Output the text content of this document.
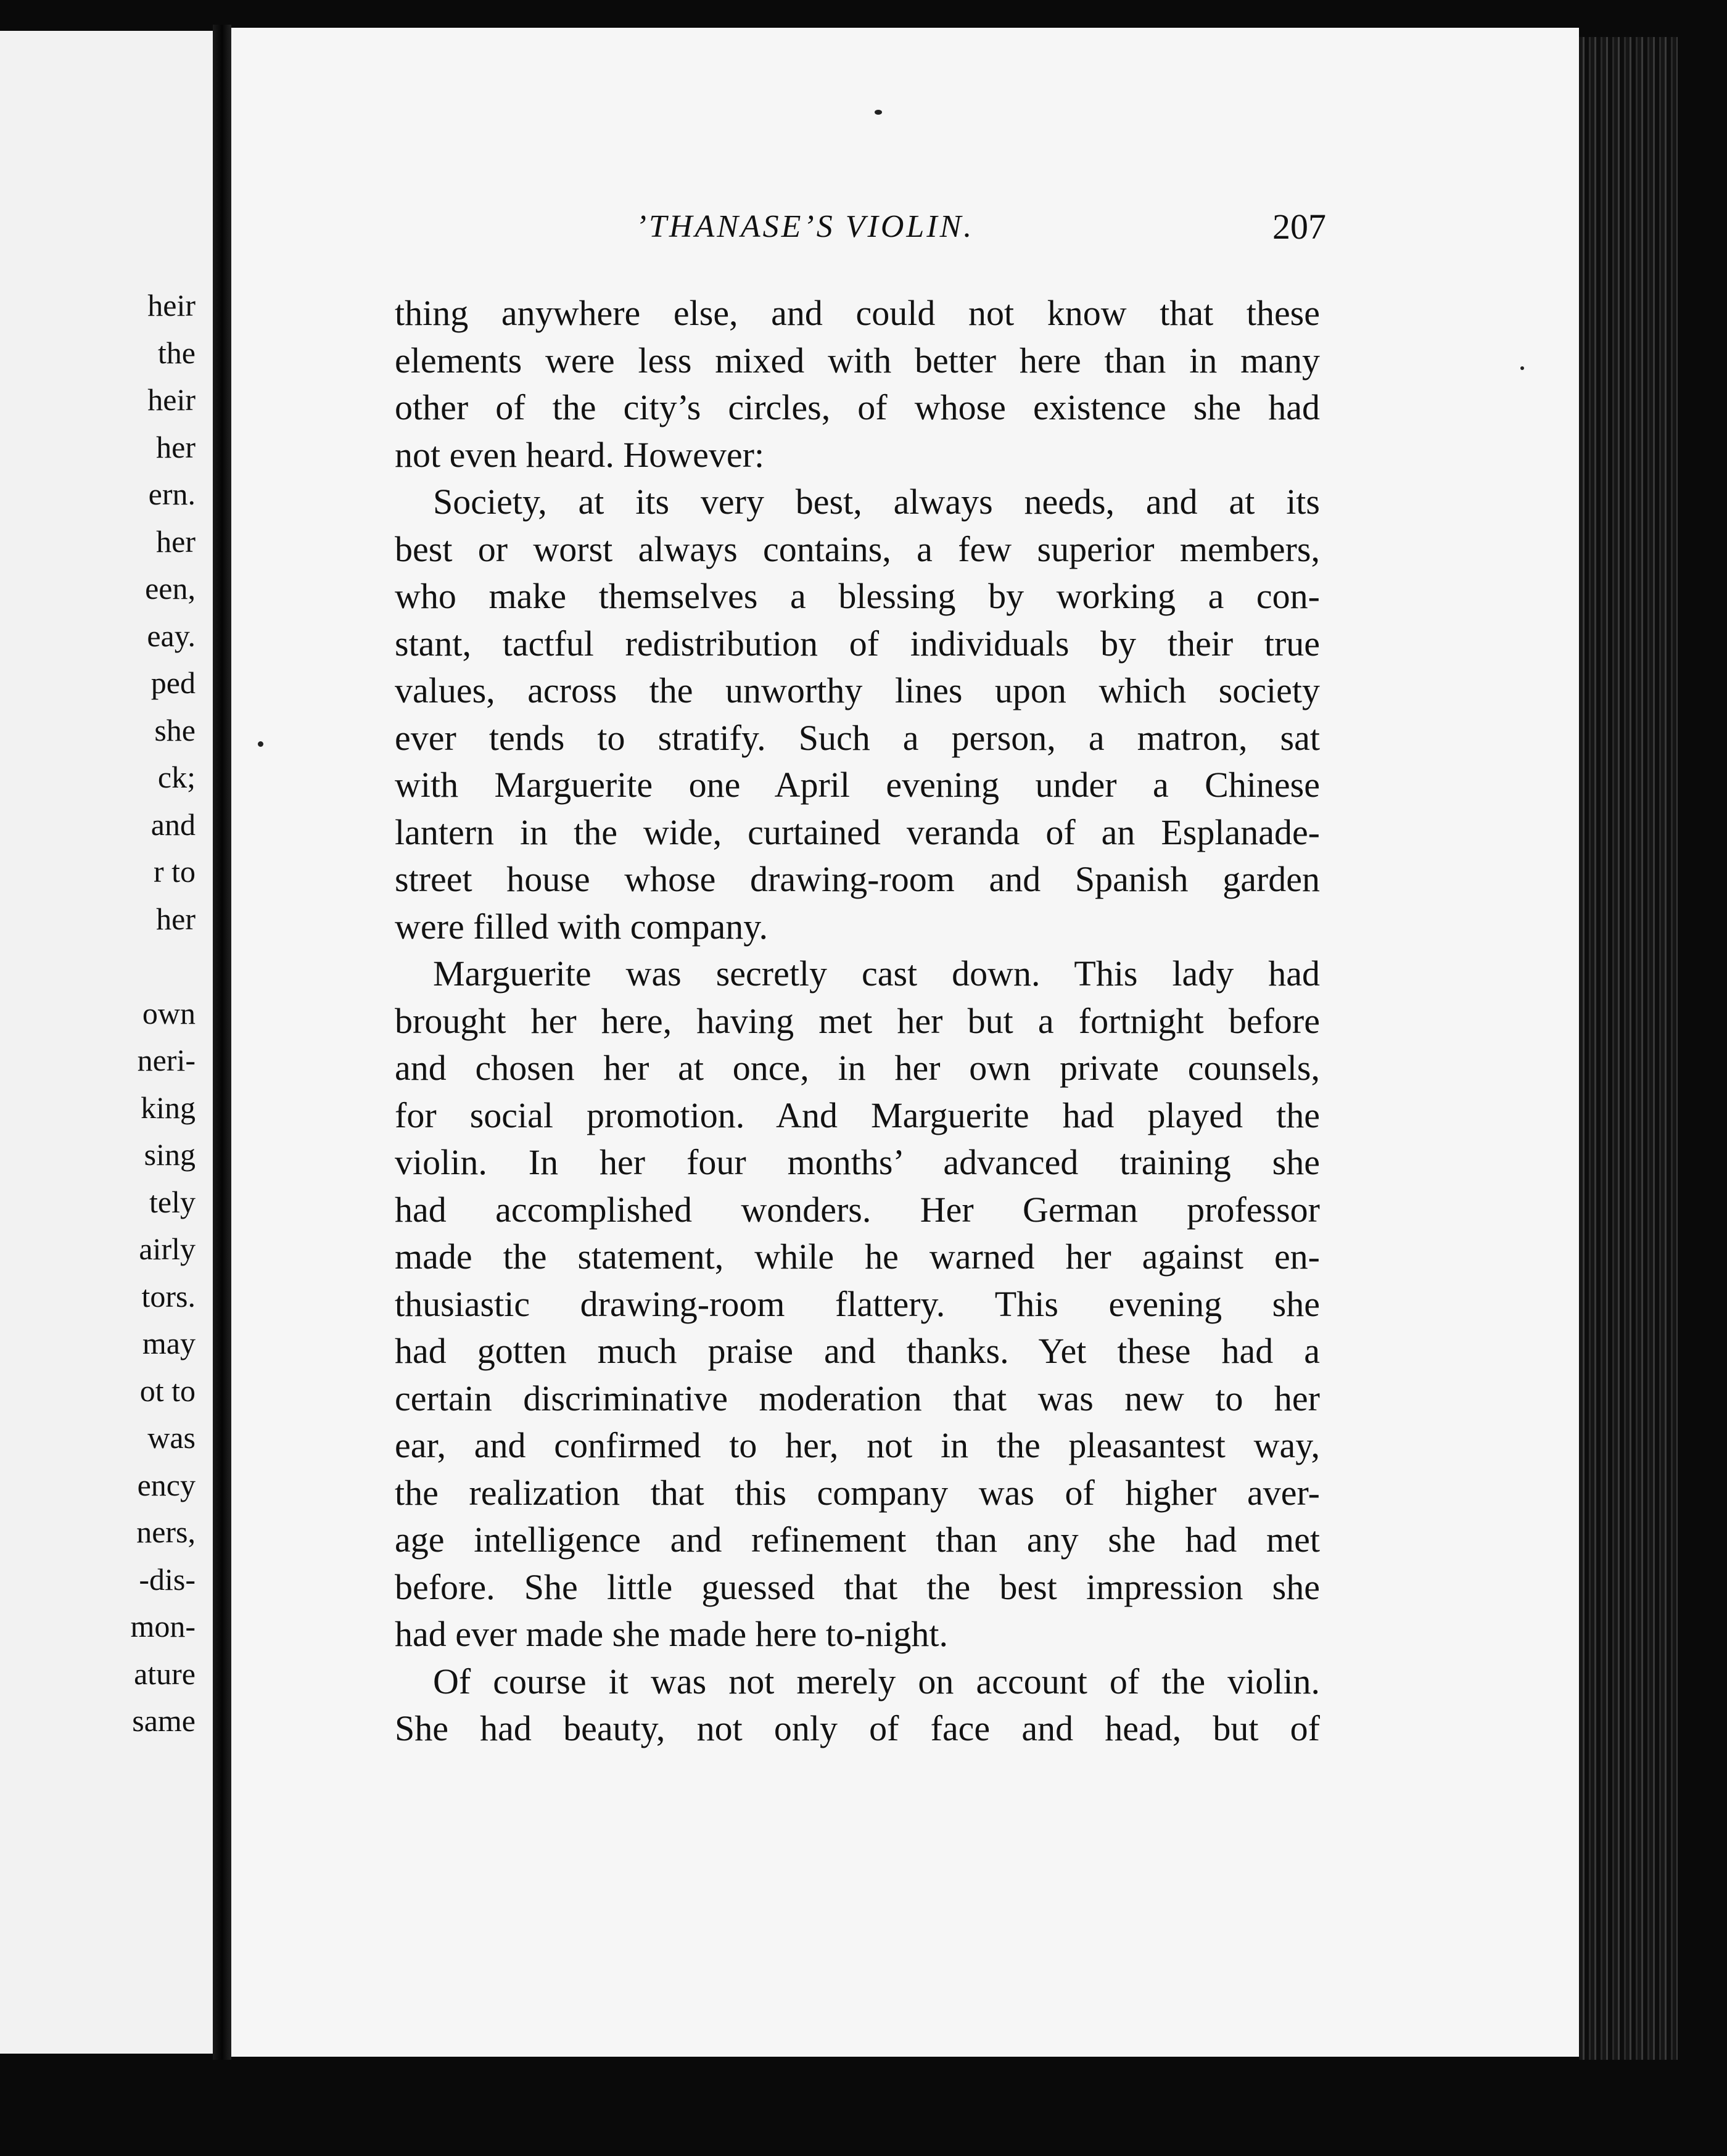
heir
the
heir
her
ern.
her
een,
eay.
ped
she
ck;
and
r to
her
own
neri-
king
sing
tely
airly
tors.
may
ot to
was
ency
ners,
-dis-
mon-
ature
same
’THANASE’S VIOLIN.	207
thing anywhere else, and could not know that these
elements were less mixed with better here than in many
other of the city’s circles, of whose existence she had
not even heard. However:
Society, at its very best, always needs, and at its
best or worst always contains, a few superior members,
who make themselves a blessing by working a con-
stant, tactful redistribution of individuals by their true
values, across the unworthy lines upon which society
ever tends to stratify. Such a person, a matron, sat
with Marguerite one April evening under a Chinese
lantern in the wide, curtained veranda of an Esplanade-
street house whose drawing-room and Spanish garden
were filled with company.
Marguerite was secretly cast down. This lady had
brought her here, having met her but a fortnight before
and chosen her at once, in her own private counsels,
for social promotion. And Marguerite had played the
violin. In her four months’ advanced training she
had accomplished wonders. Her German professor
made the statement, while he warned her against en-
thusiastic drawing-room flattery. This evening she
had gotten much praise and thanks. Yet these had a
certain discriminative moderation that was new to her
ear, and confirmed to her, not in the pleasantest way,
the realization that this company was of higher aver-
age intelligence and refinement than any she had met
before. She little guessed that the best impression she
had ever made she made here to-night.
Of course it was not merely on account of the violin.
She had beauty, not only of face and head, but of
